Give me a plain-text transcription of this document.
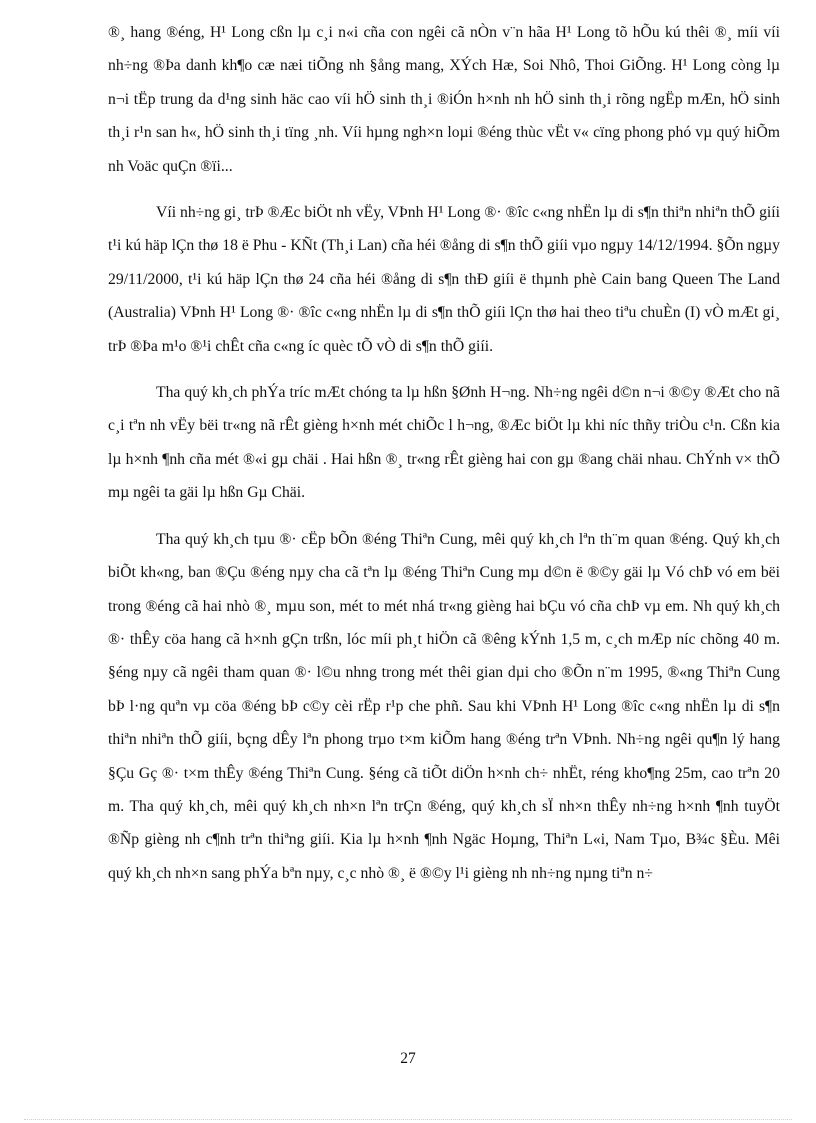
®¸ hang ®éng, H¹ Long cßn lµ c¸i n«i cña con ngêi cã nÒn v¨n hãa H¹ Long tõ hÕu kú thêi ®¸ míi víi nh÷ng ®Þa danh kh¶o cæ næi tiÕng nh §ång mang, XÝch Hæ, Soi Nhô, Thoi GiÕng. H¹ Long còng lµ n¬i tËp trung da d¹ng sinh häc cao víi hÖ sinh th¸i ®iÓn h×nh nh hÖ sinh th¸i rõng ngËp mÆn, hÖ sinh th¸i r¹n san h«, hÖ sinh th¸i tïng ¸nh. Víi hµng ngh×n loµi ®éng thùc vËt v« cïng phong phó vµ quý hiÕm nh Voäc quÇn ®ïi...

Víi nh÷ng gi¸ trÞ ®Æc biÖt nh vËy, VÞnh H¹ Long ®· ®îc c«ng nhËn lµ di s¶n thiªn nhiªn thÕ giíi t¹i kú häp lÇn thø 18 ë Phu - KÑt (Th¸i Lan) cña héi ®ång di s¶n thÕ giíi vµo ngµy 14/12/1994. §Õn ngµy 29/11/2000, t¹i kú häp lÇn thø 24 cña héi ®ång di s¶n thÐ giíi ë thµnh phè Cain bang Queen The Land (Australia) VÞnh H¹ Long ®· ®îc c«ng nhËn lµ di s¶n thÕ giíi lÇn thø hai theo tiªu chuÈn (I) vÒ mÆt gi¸ trÞ ®Þa m¹o ®¹i chÊt cña c«ng íc quèc tÕ vÒ di s¶n thÕ giíi.

Tha quý kh¸ch phÝa tríc mÆt chóng ta lµ hßn §Ønh H¬ng. Nh÷ng ngêi d©n n¬i ®©y ®Æt cho nã c¸i tªn nh vËy bëi tr«ng nã rÊt gièng h×nh mét chiÕc l h¬ng, ®Æc biÖt lµ khi níc thñy triÒu c¹n. Cßn kia lµ h×nh ¶nh cña mét ®«i gµ chäi . Hai hßn ®¸ tr«ng rÊt gièng hai con gµ ®ang chäi nhau. ChÝnh v× thÕ mµ ngêi ta gäi lµ hßn Gµ Chäi.

Tha quý kh¸ch tµu ®· cËp bÕn ®éng Thiªn Cung, mêi quý kh¸ch lªn th¨m quan ®éng. Quý kh¸ch biÕt kh«ng, ban ®Çu ®éng nµy cha cã tªn lµ ®éng Thiªn Cung mµ d©n ë ®©y gäi lµ Vó chÞ vó em bëi trong ®éng cã hai nhò ®¸ mµu son, mét to mét nhá tr«ng gièng hai bÇu vó cña chÞ vµ em. Nh quý kh¸ch ®· thÊy cöa hang cã h×nh gÇn trßn, lóc míi ph¸t hiÖn cã ®êng kÝnh 1,5 m, c¸ch mÆp níc chõng 40 m. §éng nµy cã ngêi tham quan ®· l©u nhng trong mét thêi gian dµi cho ®Õn n¨m 1995, ®«ng Thiªn Cung bÞ l·ng quªn vµ cöa ®éng bÞ c©y cèi rËp r¹p che phñ. Sau khi VÞnh H¹ Long ®îc c«ng nhËn lµ di s¶n thiªn nhiªn thÕ giíi, bçng dÊy lªn phong trµo t×m kiÕm hang ®éng trªn VÞnh. Nh÷ng ngêi qu¶n lý hang §Çu Gç ®· t×m thÊy ®éng Thiªn Cung. §éng cã tiÕt diÖn h×nh ch÷ nhËt, réng kho¶ng 25m, cao trªn 20 m. Tha quý kh¸ch, mêi quý kh¸ch nh×n lªn trÇn ®éng, quý kh¸ch sÏ nh×n thÊy nh÷ng h×nh ¶nh tuyÖt ®Ñp gièng nh c¶nh trªn thiªng giíi. Kia lµ h×nh ¶nh Ngäc Hoµng, Thiªn L«i, Nam Tµo, B¾c §Èu. Mêi quý kh¸ch nh×n sang phÝa bªn nµy, c¸c nhò ®¸ ë ®©y l¹i gièng nh nh÷ng nµng tiªn n÷

27
